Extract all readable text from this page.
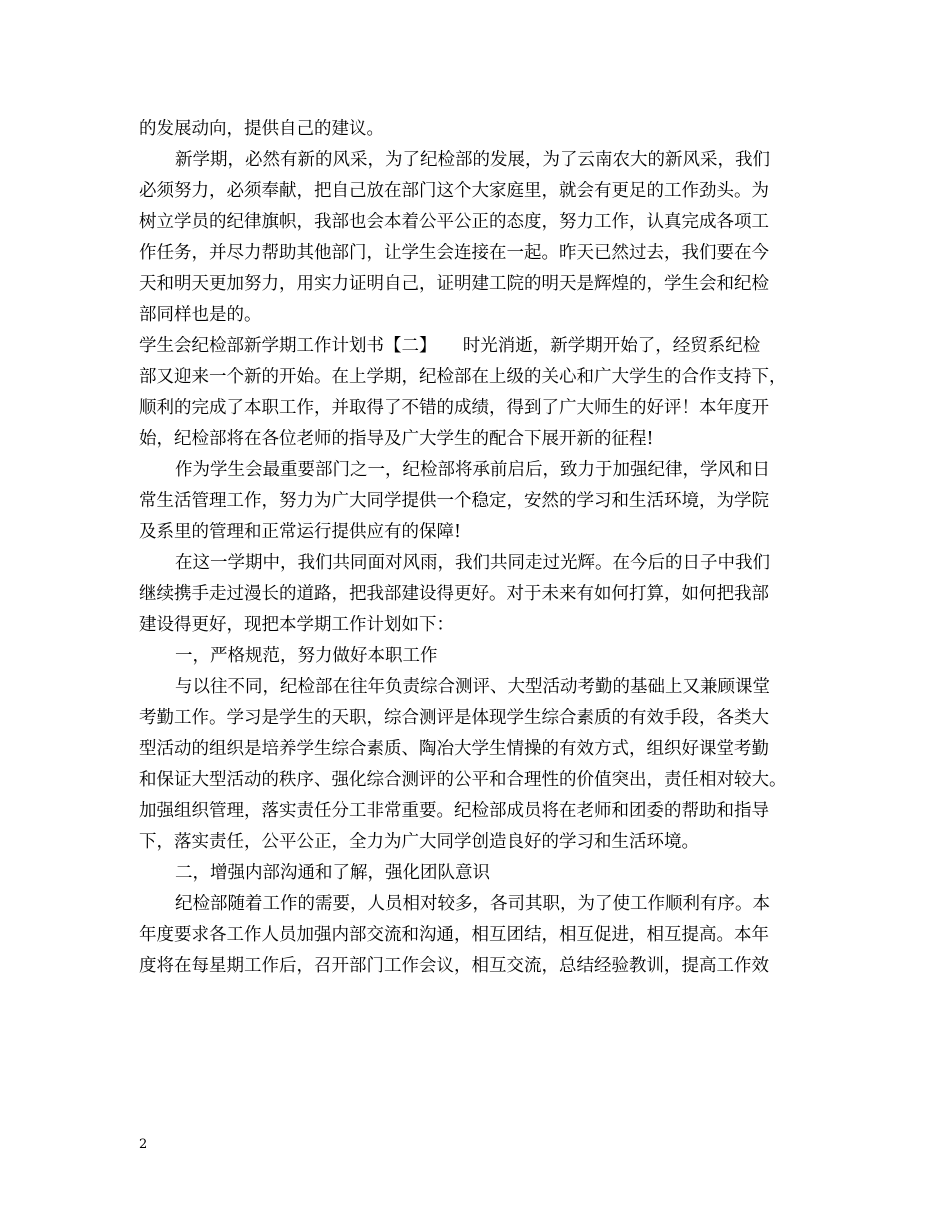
的发展动向，提供自己的建议。
新学期，必然有新的风采，为了纪检部的发展，为了云南农大的新风采，我们
必须努力，必须奉献，把自己放在部门这个大家庭里，就会有更足的工作劲头。为
树立学员的纪律旗帜，我部也会本着公平公正的态度，努力工作，认真完成各项工
作任务，并尽力帮助其他部门，让学生会连接在一起。昨天已然过去，我们要在今
天和明天更加努力，用实力证明自己，证明建工院的明天是辉煌的，学生会和纪检
部同样也是的。
学生会纪检部新学期工作计划书【二】　　时光消逝，新学期开始了，经贸系纪检
部又迎来一个新的开始。在上学期，纪检部在上级的关心和广大学生的合作支持下，
顺利的完成了本职工作，并取得了不错的成绩，得到了广大师生的好评！本年度开
始，纪检部将在各位老师的指导及广大学生的配合下展开新的征程!
作为学生会最重要部门之一，纪检部将承前启后，致力于加强纪律，学风和日
常生活管理工作，努力为广大同学提供一个稳定，安然的学习和生活环境，为学院
及系里的管理和正常运行提供应有的保障!
在这一学期中，我们共同面对风雨，我们共同走过光辉。在今后的日子中我们
继续携手走过漫长的道路，把我部建设得更好。对于未来有如何打算，如何把我部
建设得更好，现把本学期工作计划如下：
一，严格规范，努力做好本职工作
与以往不同，纪检部在往年负责综合测评、大型活动考勤的基础上又兼顾课堂
考勤工作。学习是学生的天职，综合测评是体现学生综合素质的有效手段，各类大
型活动的组织是培养学生综合素质、陶冶大学生情操的有效方式，组织好课堂考勤
和保证大型活动的秩序、强化综合测评的公平和合理性的价值突出，责任相对较大。
加强组织管理，落实责任分工非常重要。纪检部成员将在老师和团委的帮助和指导
下，落实责任，公平公正，全力为广大同学创造良好的学习和生活环境。
二，增强内部沟通和了解，强化团队意识
纪检部随着工作的需要，人员相对较多，各司其职，为了使工作顺利有序。本
年度要求各工作人员加强内部交流和沟通，相互团结，相互促进，相互提高。本年
度将在每星期工作后，召开部门工作会议，相互交流，总结经验教训，提高工作效
2
